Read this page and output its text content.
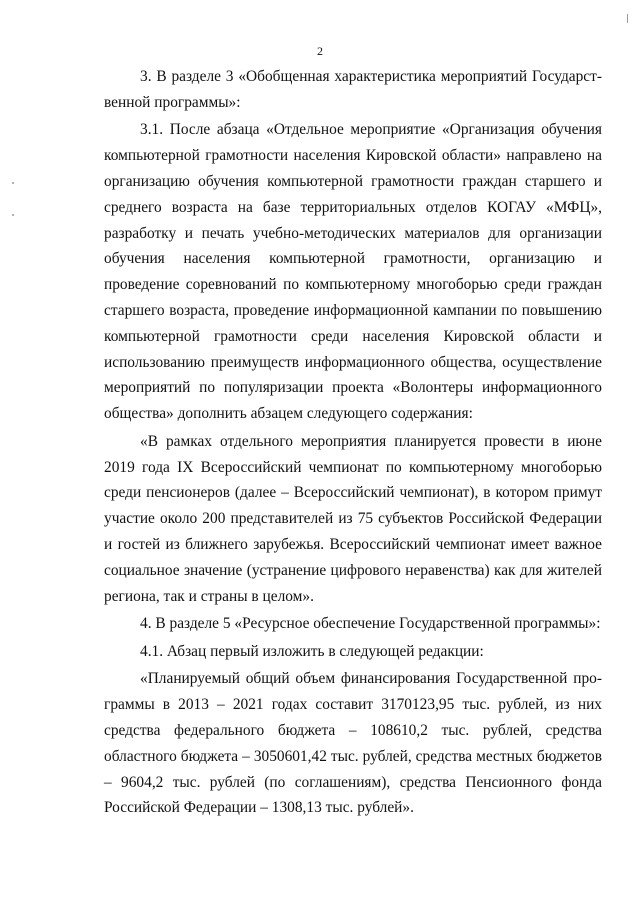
2

3. В разделе 3 «Обобщенная характеристика мероприятий Государственной программы»:

3.1. После абзаца «Отдельное мероприятие «Организация обучения компьютерной грамотности населения Кировской области» направлено на организацию обучения компьютерной грамотности граждан старшего и среднего возраста на базе территориальных отделов КОГАУ «МФЦ», разработку и печать учебно-методических материалов для организации обучения населения компьютерной грамотности, организацию и проведение соревнований по компьютерному многоборью среди граждан старшего возраста, проведение информационной кампании по повышению компьютерной грамотности среди населения Кировской области и использованию преимуществ информационного общества, осуществление мероприятий по популяризации проекта «Волонтеры информационного общества» дополнить абзацем следующего содержания:

«В рамках отдельного мероприятия планируется провести в июне 2019 года IX Всероссийский чемпионат по компьютерному многоборью среди пенсионеров (далее – Всероссийский чемпионат), в котором примут участие около 200 представителей из 75 субъектов Российской Федерации и гостей из ближнего зарубежья. Всероссийский чемпионат имеет важное социальное значение (устранение цифрового неравенства) как для жителей региона, так и страны в целом».

4. В разделе 5 «Ресурсное обеспечение Государственной программы»:

4.1. Абзац первый изложить в следующей редакции:

«Планируемый общий объем финансирования Государственной программы в 2013 – 2021 годах составит 3170123,95 тыс. рублей, из них средства федерального бюджета – 108610,2 тыс. рублей, средства областного бюджета – 3050601,42 тыс. рублей, средства местных бюджетов – 9604,2 тыс. рублей (по соглашениям), средства Пенсионного фонда Российской Федерации – 1308,13 тыс. рублей».
